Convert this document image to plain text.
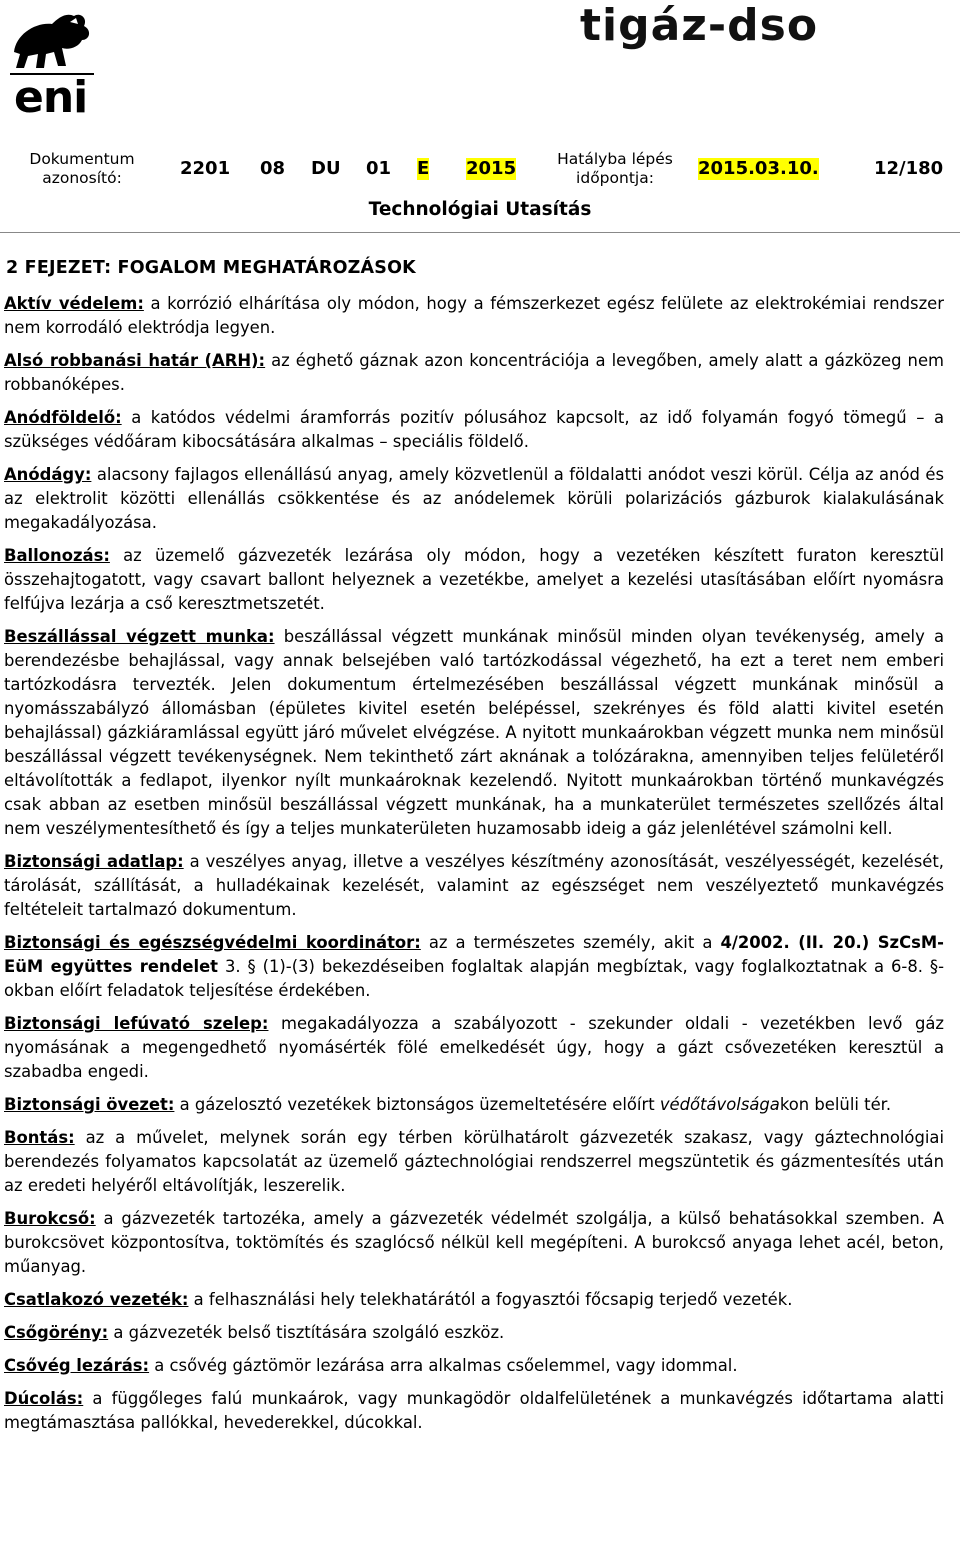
eni
tigáz-dso
Dokumentum azonosító:	2201 08 DU 01 E 2015	Hatályba lépés időpontja:	2015.03.10.	12/180
Technológiai Utasítás
2 FEJEZET: FOGALOM MEGHATÁROZÁSOK

Aktív védelem: a korrózió elhárítása oly módon, hogy a fémszerkezet egész felülete az elektrokémiai rendszer nem korrodáló elektródja legyen.

Alsó robbanási határ (ARH): az éghető gáznak azon koncentrációja a levegőben, amely alatt a gázközeg nem robbanóképes.

Anódföldelő: a katódos védelmi áramforrás pozitív pólusához kapcsolt, az idő folyamán fogyó tömegű – a szükséges védőáram kibocsátására alkalmas – speciális földelő.

Anódágy: alacsony fajlagos ellenállású anyag, amely közvetlenül a földalatti anódot veszi körül. Célja az anód és az elektrolit közötti ellenállás csökkentése és az anódelemek körüli polarizációs gázburok kialakulásának megakadályozása.

Ballonozás: az üzemelő gázvezeték lezárása oly módon, hogy a vezetéken készített furaton keresztül összehajtogatott, vagy csavart ballont helyeznek a vezetékbe, amelyet a kezelési utasításában előírt nyomásra felfújva lezárja a cső keresztmetszetét.

Beszállással végzett munka: beszállással végzett munkának minősül minden olyan tevékenység, amely a berendezésbe behajlással, vagy annak belsejében való tartózkodással végezhető, ha ezt a teret nem emberi tartózkodásra tervezték. Jelen dokumentum értelmezésében beszállással végzett munkának minősül a nyomásszabályzó állomásban (épületes kivitel esetén belépéssel, szekrényes és föld alatti kivitel esetén behajlással) gázkiáramlással együtt járó művelet elvégzése. A nyitott munkaárokban végzett munka nem minősül beszállással végzett tevékenységnek. Nem tekinthető zárt aknának a tolózárakna, amennyiben teljes felületéről eltávolították a fedlapot, ilyenkor nyílt munkaároknak kezelendő. Nyitott munkaárokban történő munkavégzés csak abban az esetben minősül beszállással végzett munkának, ha a munkaterület természetes szellőzés által nem veszélymentesíthető és így a teljes munkaterületen huzamosabb ideig a gáz jelenlétével számolni kell.

Biztonsági adatlap: a veszélyes anyag, illetve a veszélyes készítmény azonosítását, veszélyességét, kezelését, tárolását, szállítását, a hulladékainak kezelését, valamint az egészséget nem veszélyeztető munkavégzés feltételeit tartalmazó dokumentum.

Biztonsági és egészségvédelmi koordinátor: az a természetes személy, akit a 4/2002. (II. 20.) SzCsM-EüM együttes rendelet 3. § (1)-(3) bekezdéseiben foglaltak alapján megbíztak, vagy foglalkoztatnak a 6-8. §-okban előírt feladatok teljesítése érdekében.

Biztonsági lefúvató szelep: megakadályozza a szabályozott - szekunder oldali - vezetékben levő gáz nyomásának a megengedhető nyomásérték fölé emelkedését úgy, hogy a gázt csővezetéken keresztül a szabadba engedi.

Biztonsági övezet: a gázelosztó vezetékek biztonságos üzemeltetésére előírt védőtávolságakon belüli tér.

Bontás: az a művelet, melynek során egy térben körülhatárolt gázvezeték szakasz, vagy gáztechnológiai berendezés folyamatos kapcsolatát az üzemelő gáztechnológiai rendszerrel megszüntetik és gázmentesítés után az eredeti helyéről eltávolítják, leszerelik.

Burokcső: a gázvezeték tartozéka, amely a gázvezeték védelmét szolgálja, a külső behatásokkal szemben. A burokcsövet központosítva, toktömítés és szaglócső nélkül kell megépíteni. A burokcső anyaga lehet acél, beton, műanyag.

Csatlakozó vezeték: a felhasználási hely telekhatárától a fogyasztói főcsapig terjedő vezeték.

Csőgörény: a gázvezeték belső tisztítására szolgáló eszköz.

Csővég lezárás: a csővég gáztömör lezárása arra alkalmas csőelemmel, vagy idommal.

Dúcolás: a függőleges falú munkaárok, vagy munkagödör oldalfelületének a munkavégzés időtartama alatti megtámasztása pallókkal, hevederekkel, dúcokkal.
